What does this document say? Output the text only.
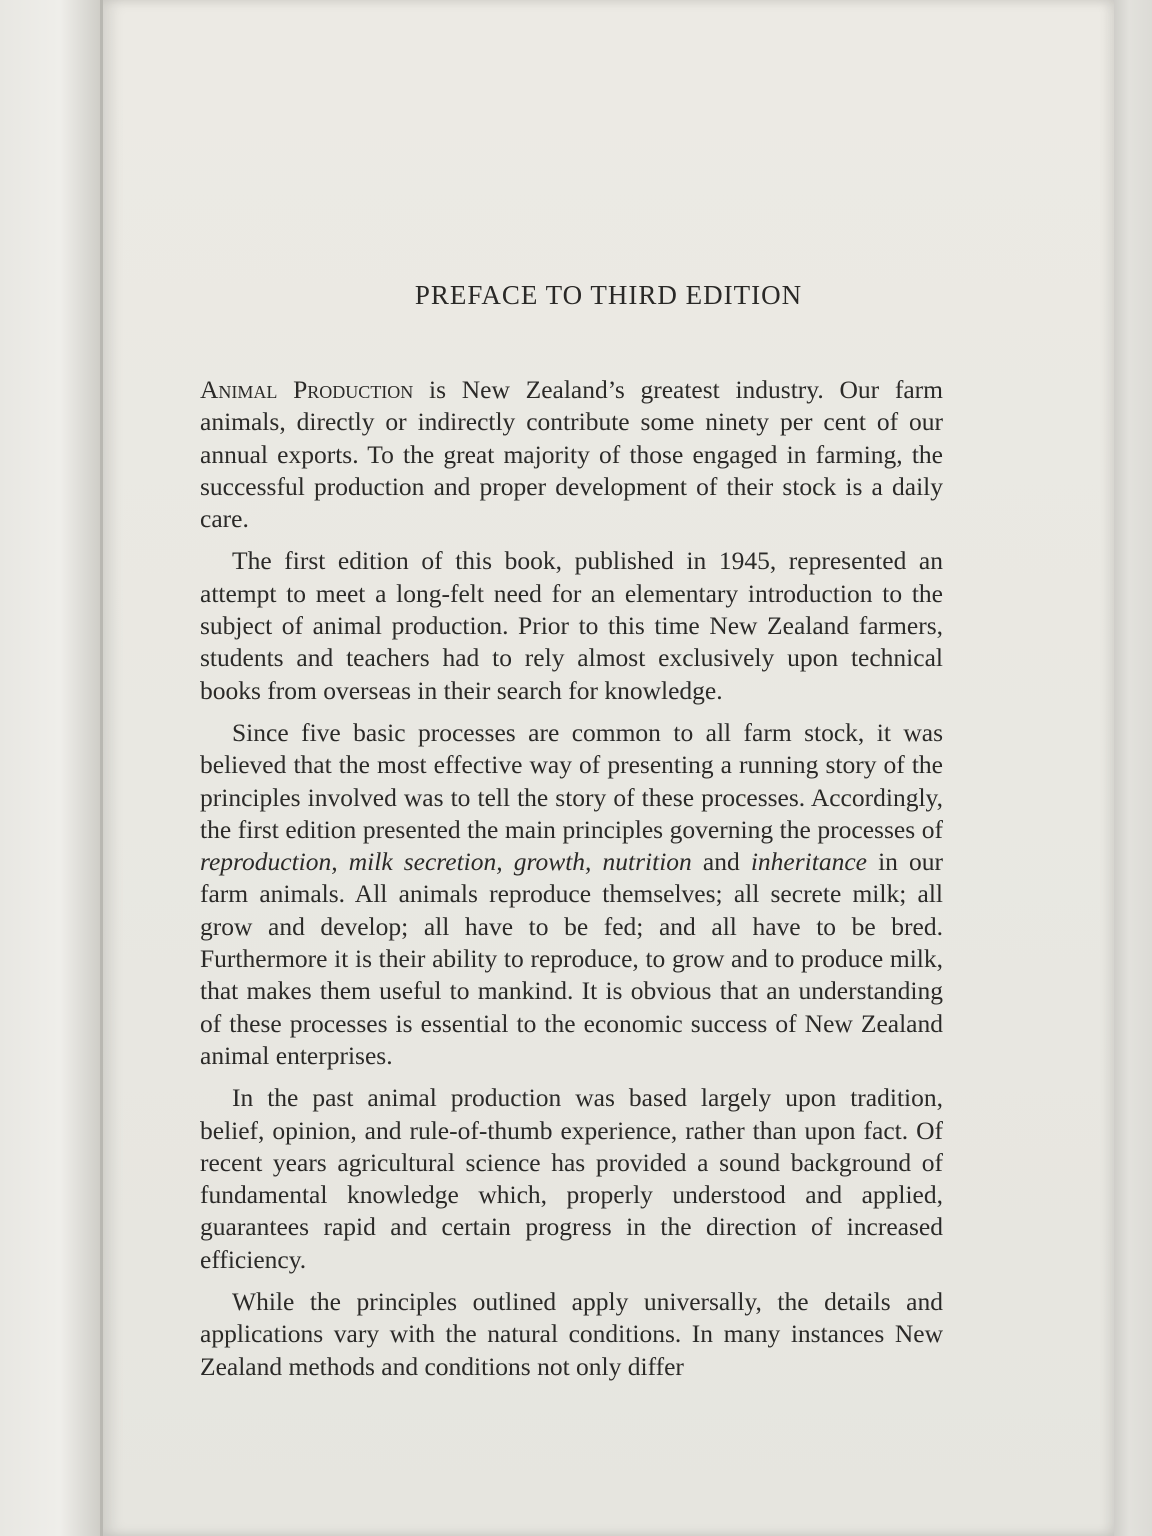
PREFACE TO THIRD EDITION

Animal Production is New Zealand’s greatest industry. Our farm animals, directly or indirectly contribute some ninety per cent of our annual exports. To the great majority of those engaged in farming, the successful production and proper development of their stock is a daily care.

The first edition of this book, published in 1945, represented an attempt to meet a long-felt need for an elementary introduction to the subject of animal production. Prior to this time New Zealand farmers, students and teachers had to rely almost exclusively upon technical books from overseas in their search for knowledge.

Since five basic processes are common to all farm stock, it was believed that the most effective way of presenting a running story of the principles involved was to tell the story of these processes. Accordingly, the first edition presented the main principles governing the processes of reproduction, milk secretion, growth, nutrition and inheritance in our farm animals. All animals reproduce themselves; all secrete milk; all grow and develop; all have to be fed; and all have to be bred. Furthermore it is their ability to reproduce, to grow and to produce milk, that makes them useful to mankind. It is obvious that an understanding of these processes is essential to the economic success of New Zealand animal enterprises.

In the past animal production was based largely upon tradition, belief, opinion, and rule-of-thumb experience, rather than upon fact. Of recent years agricultural science has provided a sound background of fundamental knowledge which, properly understood and applied, guarantees rapid and certain progress in the direction of increased efficiency.

While the principles outlined apply universally, the details and applications vary with the natural conditions. In many instances New Zealand methods and conditions not only differ
